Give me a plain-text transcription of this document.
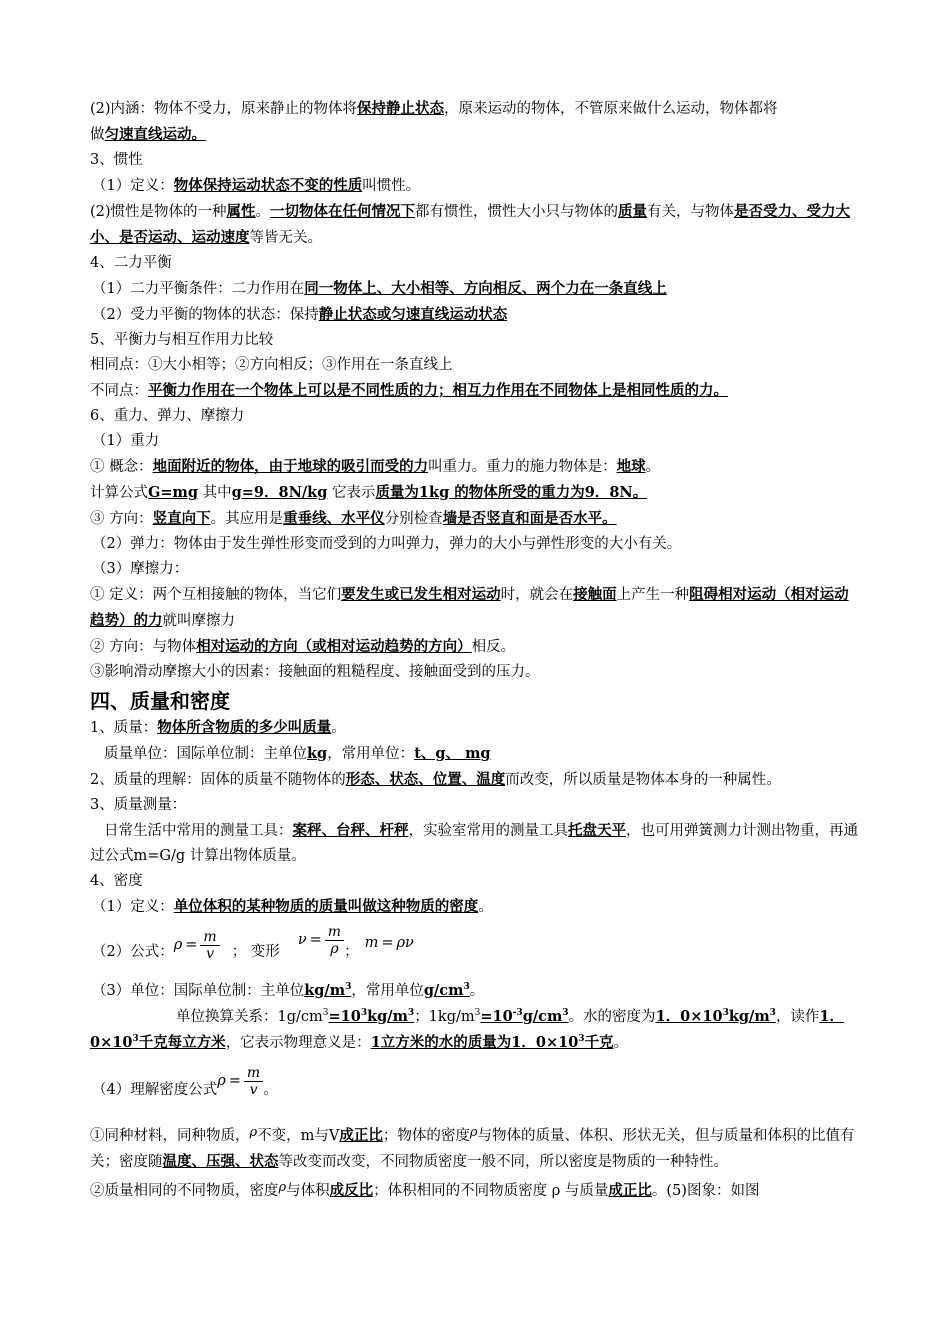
(2)内涵：物体不受力，原来静止的物体将保持静止状态，原来运动的物体，不管原来做什么运动，物体都将
做匀速直线运动。
3、惯性
（1）定义：物体保持运动状态不变的性质叫惯性。
(2)惯性是物体的一种属性。一切物体在任何情况下都有惯性，惯性大小只与物体的质量有关，与物体是否受力、受力大小、是否运动、运动速度等皆无关。
4、二力平衡
（1）二力平衡条件：二力作用在同一物体上、大小相等、方向相反、两个力在一条直线上
（2）受力平衡的物体的状态：保持静止状态或匀速直线运动状态
5、平衡力与相互作用力比较
相同点：①大小相等；②方向相反；③作用在一条直线上
不同点：平衡力作用在一个物体上可以是不同性质的力；相互力作用在不同物体上是相同性质的力。
6、重力、弹力、摩擦力
（1）重力
① 概念：地面附近的物体，由于地球的吸引而受的力叫重力。重力的施力物体是：地球。
计算公式G=mg 其中g=9．8N/kg 它表示质量为1kg 的物体所受的重力为9．8N。
③ 方向：竖直向下。其应用是重垂线、水平仪分别检查墙是否竖直和面是否水平。
（2）弹力：物体由于发生弹性形变而受到的力叫弹力，弹力的大小与弹性形变的大小有关。
（3）摩擦力：
① 定义：两个互相接触的物体，当它们要发生或已发生相对运动时，就会在接触面上产生一种阻碍相对运动（相对运动趋势）的力就叫摩擦力
② 方向：与物体相对运动的方向（或相对运动趋势的方向）相反。
③影响滑动摩擦大小的因素：接触面的粗糙程度、接触面受到的压力。
四、质量和密度
1、质量：物体所含物质的多少叫质量。
质量单位：国际单位制：主单位kg，常用单位：t、g、 mg
2、质量的理解：固体的质量不随物体的形态、状态、位置、温度而改变，所以质量是物体本身的一种属性。
3、质量测量：
日常生活中常用的测量工具：案秤、台秤、杆秤，实验室常用的测量工具托盘天平，也可用弹簧测力计测出物重，再通过公式m=G/g 计算出物体质量。
4、密度
（1）定义：单位体积的某种物质的质量叫做这种物质的密度。
（2）公式： $\rho = \frac{m}{v}$ ； 变形
$\nu = \frac{m}{\rho}$ ；
m = ρν
（3）单位：国际单位制：主单位$kg/m^3$，常用单位$g/cm^3$。
单位换算关系：$1g/cm^3=10^3kg/m^3$；$1kg/m^3=10^{-3}g/cm^3$。水的密度为1．$0\times 10^3kg/m^3$，读作1．$0\times 10^3$千克每立方米，它表示物理意义是：1立方米的水的质量为1．$0\times 10^3$千克。
（4）理解密度公式
$\rho = \frac{m}{v}$ 。
①同种材料，同种物质，ρ不变，m与V成正比；物体的密度ρ与物体的质量、体积、形状无关，但与质量和体积的比值有关；密度随温度、压强、状态等改变而改变，不同物质密度一般不同，所以密度是物质的一种特性。
②质量相同的不同物质，密度ρ与体积成反比；体积相同的不同物质密度 ρ 与质量成正比。(5)图象：如图
